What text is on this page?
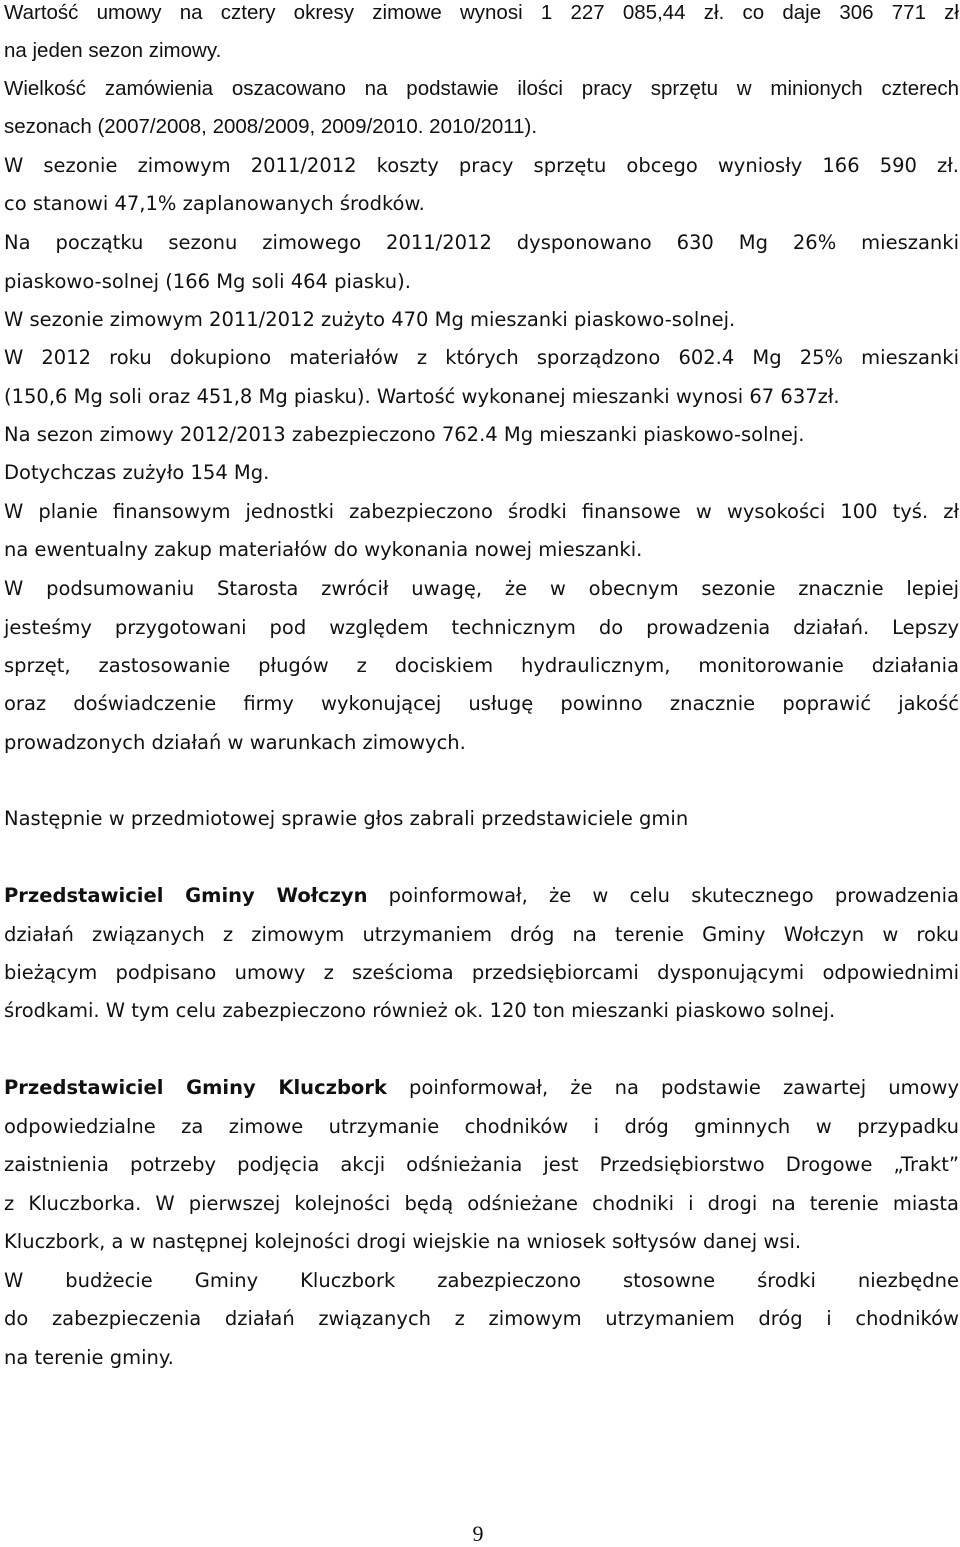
Wartość umowy na cztery okresy zimowe wynosi 1 227 085,44 zł. co daje 306 771 zł
na jeden sezon zimowy.
Wielkość zamówienia oszacowano na podstawie ilości pracy sprzętu w minionych czterech
sezonach (2007/2008, 2008/2009, 2009/2010. 2010/2011).
W sezonie zimowym 2011/2012 koszty pracy sprzętu obcego wyniosły 166 590 zł.
co stanowi 47,1% zaplanowanych środków.
Na początku sezonu zimowego 2011/2012 dysponowano 630 Mg 26% mieszanki
piaskowo-solnej (166 Mg soli 464 piasku).
W sezonie zimowym 2011/2012 zużyto 470 Mg mieszanki piaskowo-solnej.
W 2012 roku dokupiono materiałów z których sporządzono 602.4 Mg 25% mieszanki
(150,6 Mg soli oraz 451,8 Mg piasku). Wartość wykonanej mieszanki wynosi 67 637zł.
Na sezon zimowy 2012/2013 zabezpieczono 762.4 Mg mieszanki piaskowo-solnej.
Dotychczas zużyło 154 Mg.
W planie finansowym jednostki zabezpieczono środki finansowe w wysokości 100 tyś. zł
na ewentualny zakup materiałów do wykonania nowej mieszanki.
W podsumowaniu Starosta zwrócił uwagę, że w obecnym sezonie znacznie lepiej
jesteśmy przygotowani pod względem technicznym do prowadzenia działań. Lepszy
sprzęt, zastosowanie pługów z dociskiem hydraulicznym, monitorowanie działania
oraz doświadczenie firmy wykonującej usługę powinno znacznie poprawić jakość
prowadzonych działań w warunkach zimowych.
Następnie w przedmiotowej sprawie głos zabrali przedstawiciele gmin
Przedstawiciel Gminy Wołczyn poinformował, że w celu skutecznego prowadzenia
działań związanych z zimowym utrzymaniem dróg na terenie Gminy Wołczyn w roku
bieżącym podpisano umowy z sześcioma przedsiębiorcami dysponującymi odpowiednimi
środkami. W tym celu zabezpieczono również ok. 120 ton mieszanki piaskowo solnej.
Przedstawiciel Gminy Kluczbork poinformował, że na podstawie zawartej umowy
odpowiedzialne za zimowe utrzymanie chodników i dróg gminnych w przypadku
zaistnienia potrzeby podjęcia akcji odśnieżania jest Przedsiębiorstwo Drogowe „Trakt”
z Kluczborka. W pierwszej kolejności będą odśnieżane chodniki i drogi na terenie miasta
Kluczbork, a w następnej kolejności drogi wiejskie na wniosek sołtysów danej wsi.
W budżecie Gminy Kluczbork zabezpieczono stosowne środki niezbędne
do zabezpieczenia działań związanych z zimowym utrzymaniem dróg i chodników
na terenie gminy.
9
